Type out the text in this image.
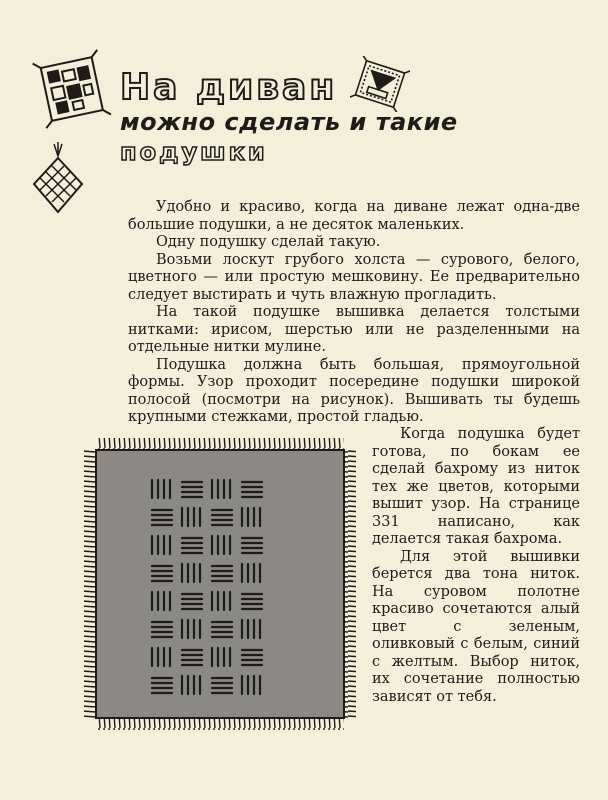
На диван
можно сделать и такие
подушки

Удобно и красиво, когда на диване лежат одна-две большие подушки, а не десяток маленьких.

Одну подушку сделай такую.

Возьми лоскут грубого холста — сурового, белого, цветного — или простую мешковину. Ее предварительно следует выстирать и чуть влажную прогладить.

На такой подушке вышивка делается толстыми нитками: ирисом, шерстью или не разделенными на отдельные нитки мулине.

Подушка должна быть большая, прямоугольной формы. Узор проходит посередине подушки широкой полосой (посмотри на рисунок). Вышивать ты будешь крупными стежками, простой гладью.

Когда подушка будет готова, по бокам ее сделай бахрому из ниток тех же цветов, которыми вышит узор. На странице 331 написано, как делается такая бахрома.

Для этой вышивки берется два тона ниток. На суровом полотне красиво сочетаются алый цвет с зеленым, оливковый с белым, синий с желтым. Выбор ниток, их сочетание полностью зависят от тебя.
